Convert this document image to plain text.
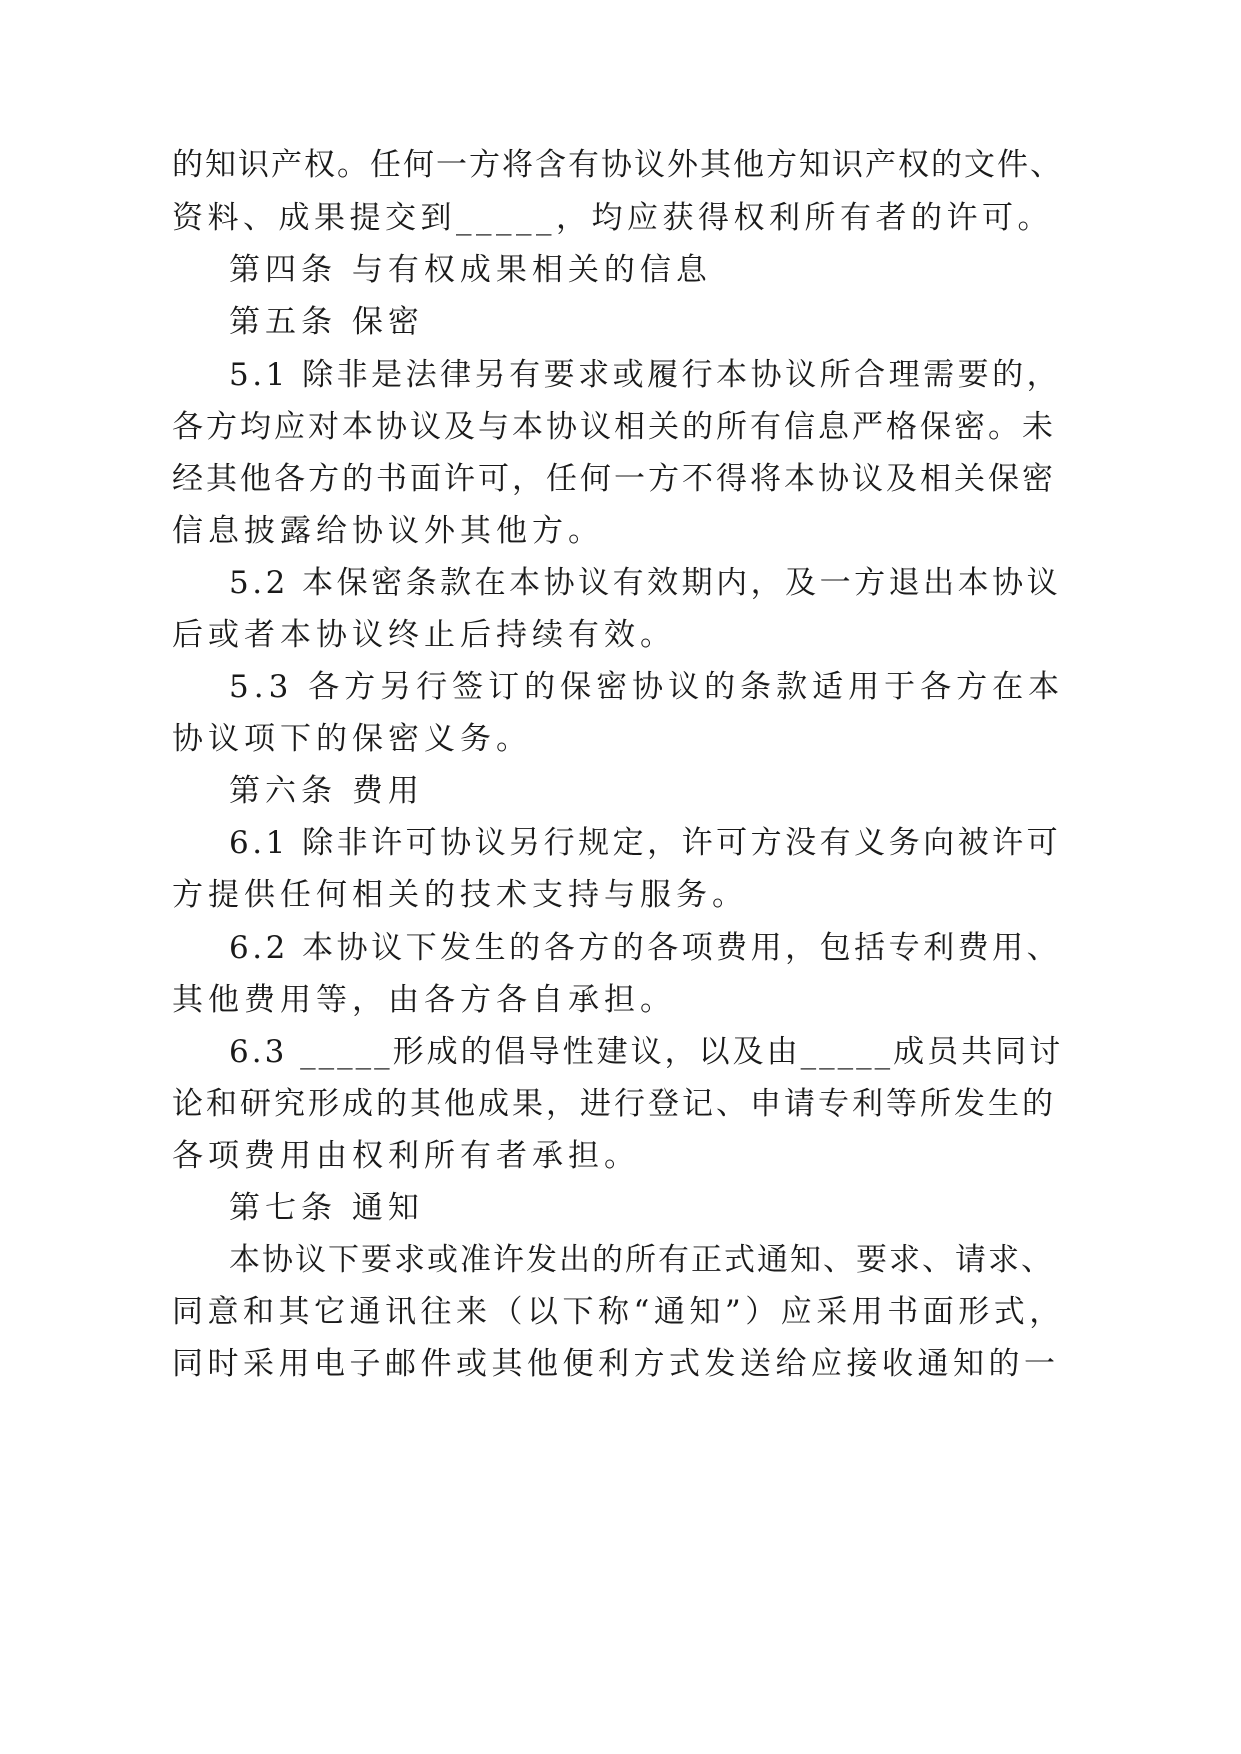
的知识产权。任何一方将含有协议外其他方知识产权的文件、
资料、成果提交到_____，均应获得权利所有者的许可。
第四条 与有权成果相关的信息
第五条 保密
5.1 除非是法律另有要求或履行本协议所合理需要的，
各方均应对本协议及与本协议相关的所有信息严格保密。未
经其他各方的书面许可，任何一方不得将本协议及相关保密
信息披露给协议外其他方。
5.2 本保密条款在本协议有效期内，及一方退出本协议
后或者本协议终止后持续有效。
5.3 各方另行签订的保密协议的条款适用于各方在本
协议项下的保密义务。
第六条 费用
6.1 除非许可协议另行规定，许可方没有义务向被许可
方提供任何相关的技术支持与服务。
6.2 本协议下发生的各方的各项费用，包括专利费用、
其他费用等，由各方各自承担。
6.3 _____形成的倡导性建议，以及由_____成员共同讨
论和研究形成的其他成果，进行登记、申请专利等所发生的
各项费用由权利所有者承担。
第七条 通知
本协议下要求或准许发出的所有正式通知、要求、请求、
同意和其它通讯往来（以下称“通知”）应采用书面形式，
同时采用电子邮件或其他便利方式发送给应接收通知的一
